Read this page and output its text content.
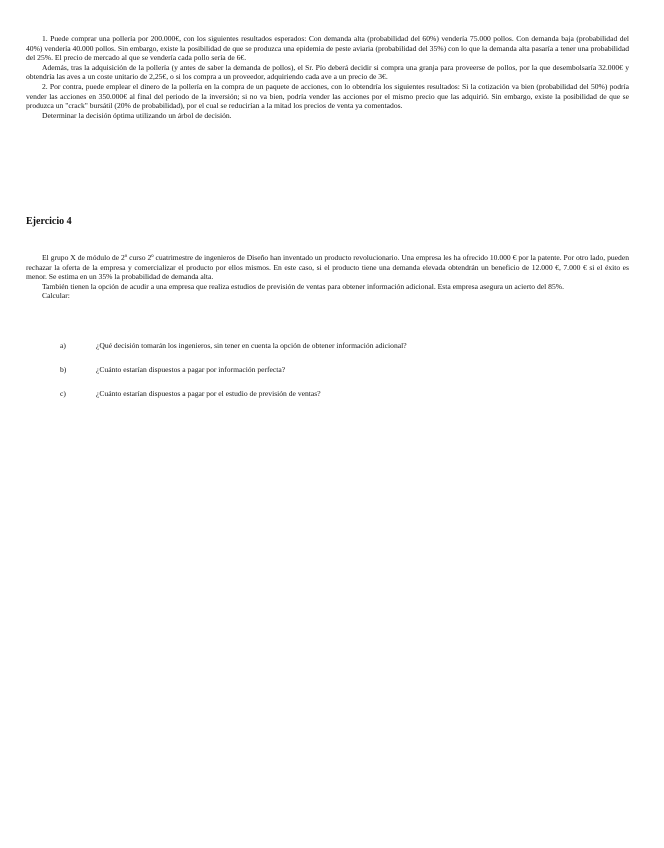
1. Puede comprar una pollería por 200.000€, con los siguientes resultados esperados: Con demanda alta (probabilidad del 60%) vendería 75.000 pollos. Con demanda baja (probabilidad del 40%) vendería 40.000 pollos. Sin embargo, existe la posibilidad de que se produzca una epidemia de peste aviaria (probabilidad del 35%) con lo que la demanda alta pasaría a tener una probabilidad del 25%. El precio de mercado al que se vendería cada pollo sería de 6€.

Además, tras la adquisición de la pollería (y antes de saber la demanda de pollos), el Sr. Pío deberá decidir si compra una granja para proveerse de pollos, por la que desembolsaría 32.000€ y obtendría las aves a un coste unitario de 2,25€, o si los compra a un proveedor, adquiriendo cada ave a un precio de 3€.

2. Por contra, puede emplear el dinero de la pollería en la compra de un paquete de acciones, con lo obtendría los siguientes resultados: Si la cotización va bien (probabilidad del 50%) podría vender las acciones en 350.000€ al final del periodo de la inversión; si no va bien, podría vender las acciones por el mismo precio que las adquirió. Sin embargo, existe la posibilidad de que se produzca un "crack" bursátil (20% de probabilidad), por el cual se reducirían a la mitad los precios de venta ya comentados.

Determinar la decisión óptima utilizando un árbol de decisión.

Ejercicio 4

El grupo X de módulo de 2º curso 2º cuatrimestre de ingenieros de Diseño han inventado un producto revolucionario. Una empresa les ha ofrecido 10.000 € por la patente. Por otro lado, pueden rechazar la oferta de la empresa y comercializar el producto por ellos mismos. En este caso, si el producto tiene una demanda elevada obtendrán un beneficio de 12.000 €, 7.000 € si el éxito es menor. Se estima en un 35% la probabilidad de demanda alta.

También tienen la opción de acudir a una empresa que realiza estudios de previsión de ventas para obtener información adicional. Esta empresa asegura un acierto del 85%.

Calcular:

a)	¿Qué decisión tomarán los ingenieros, sin tener en cuenta la opción de obtener información adicional?
b)	¿Cuánto estarían dispuestos a pagar por información perfecta?
c)	¿Cuánto estarían dispuestos a pagar por el estudio de previsión de ventas?
